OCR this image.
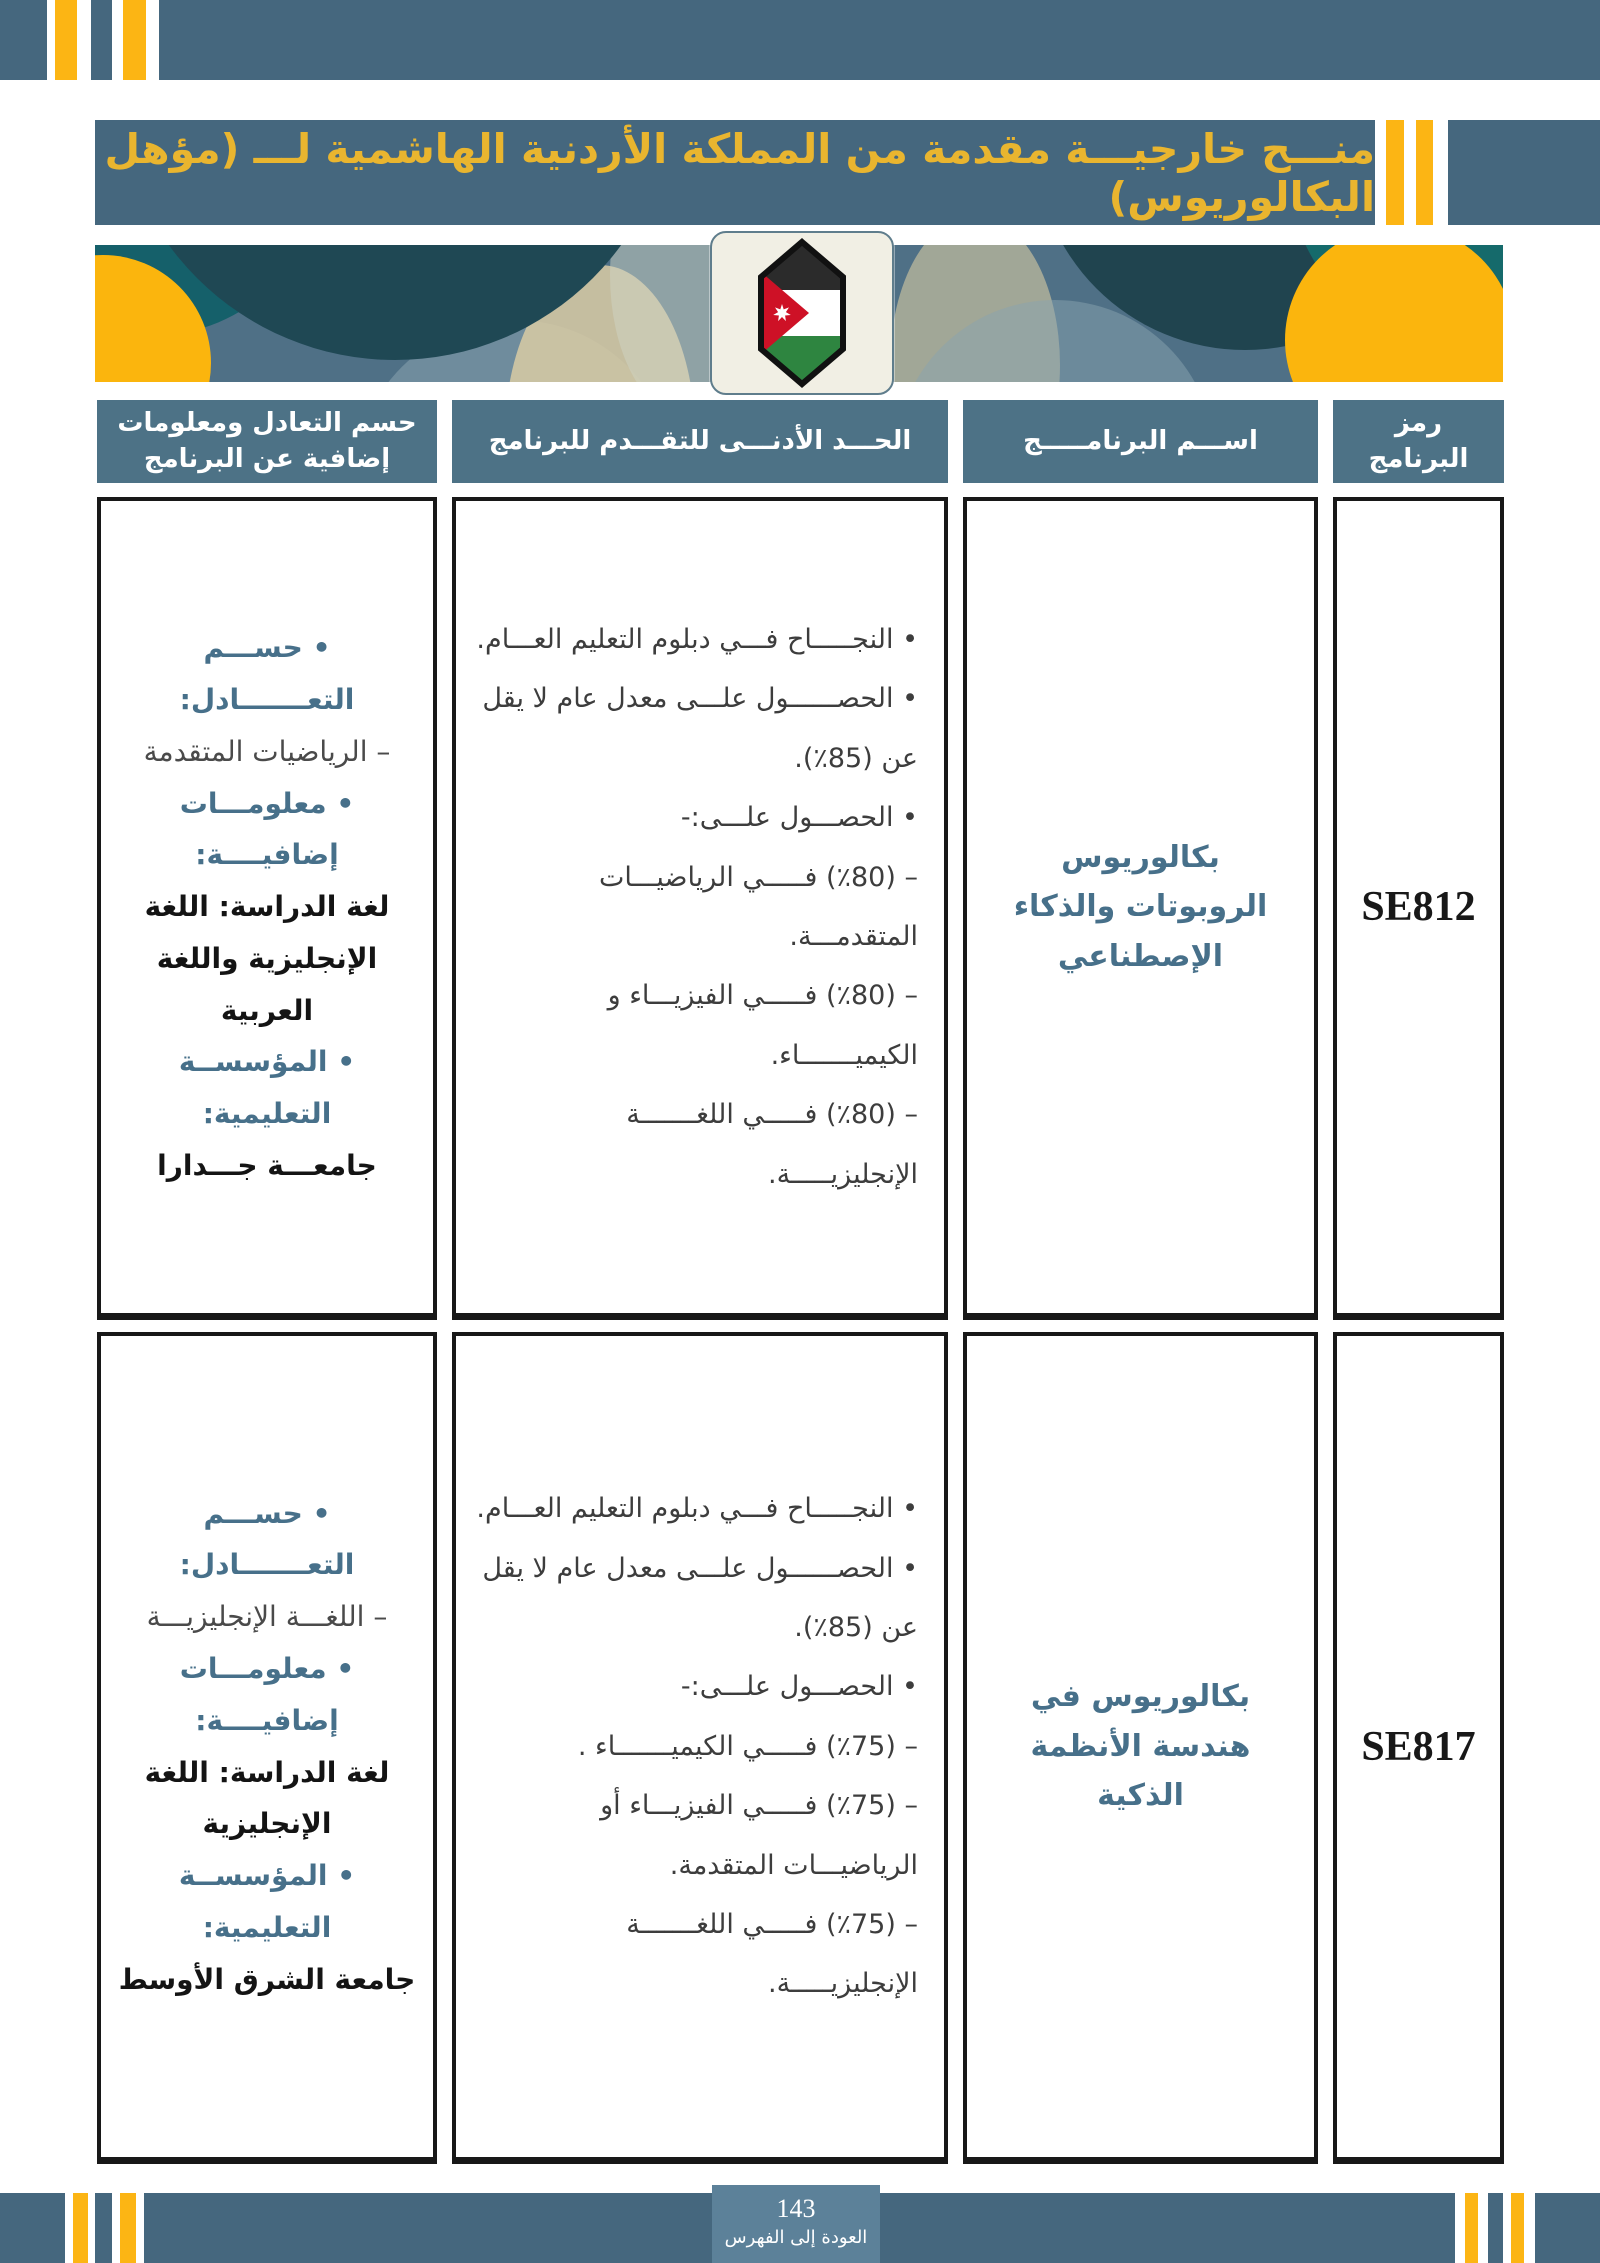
منـــح خارجيـــة مقدمة من المملكة الأردنية الهاشمية لـــ (مؤهل البكالوريوس)
رمز البرنامج
اســـم البرنامـــــج
الحـــد الأدنـــى للتقـــدم للبرنامج
حسم التعادل ومعلومات إضافية عن البرنامج
SE812
بكالوريوس الروبوتات والذكاء الإصطناعي
• النجـــــاح فـــي دبلوم التعليم العـــام.
• الحصــــــول علـــى معدل عام لا يقل عن ⁦(٪85)⁩.
• الحصـــول علـــى:-
– ⁦(٪80)⁩ فـــــي الرياضيـــات المتقدمـــة.
– ⁦(٪80)⁩ فـــــي الفيزيـــاء و الكيميـــــــاء.
– ⁦(٪80)⁩ فـــــي اللغـــــــة الإنجليزيـــــة.
• حســـم التعـــــــادل:
– الرياضيات المتقدمة
• معلومـــات إضافيــــة:
لغة الدراسة: اللغة الإنجليزية واللغة العربية
• المؤسســة التعليمية:
جامعـــة جـــدارا
SE817
بكالوريوس في هندسة الأنظمة الذكية
• النجـــــاح فـــي دبلوم التعليم العـــام.
• الحصــــــول علـــى معدل عام لا يقل عن ⁦(٪85)⁩.
• الحصـــول علـــى:-
– ⁦(٪75)⁩ فـــــي الكيميـــــــاء .
– ⁦(٪75)⁩ فـــــي الفيزيـــاء أو الرياضيـــات المتقدمة.
– ⁦(٪75)⁩ فـــــي اللغـــــــة الإنجليزيـــــة.
• حســـم التعـــــــادل:
– اللغـــة الإنجليزيـــة
• معلومـــات إضافيــــة:
لغة الدراسة: اللغة الإنجليزية
• المؤسســة التعليمية:
جامعة الشرق الأوسط
143
العودة إلى الفهرس
